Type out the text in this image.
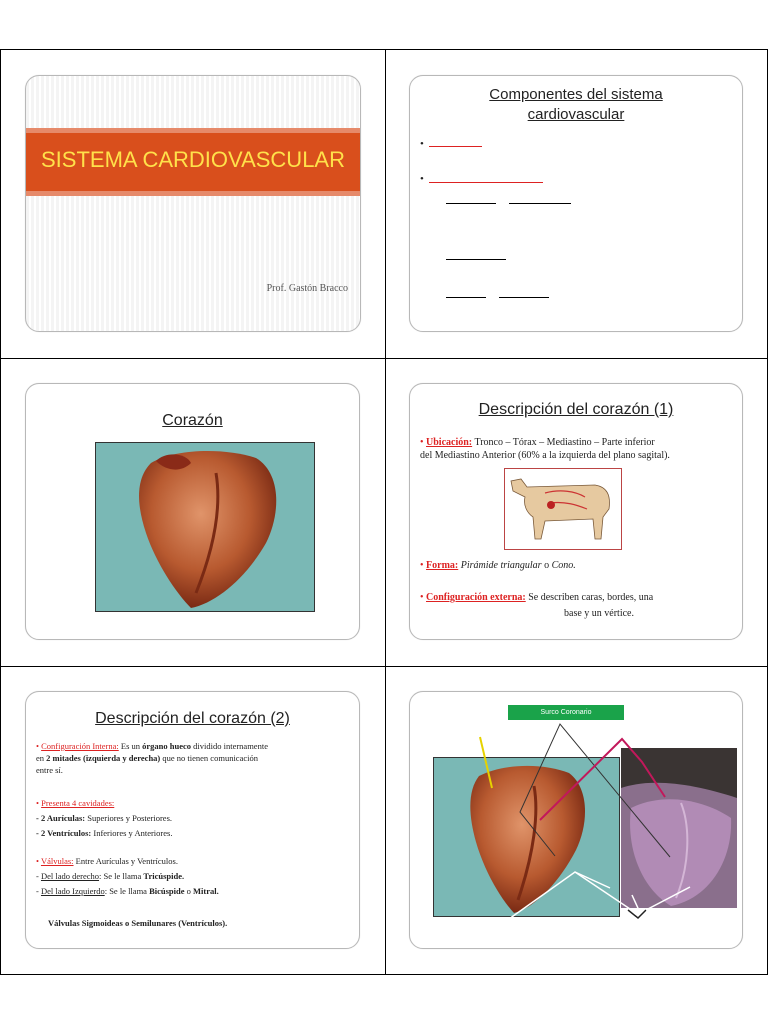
SISTEMA CARDIOVASCULAR
Prof. Gastón Bracco
Componentes del sistema cardiovascular
•
•
Corazón
Descripción del corazón (1)
• Ubicación: Tronco – Tórax – Mediastino – Parte inferior
del Mediastino Anterior (60% a la izquierda del plano sagital).
• Forma: Pirámide triangular o Cono.
• Configuración externa: Se describen caras, bordes, una
base y un vértice.
Descripción del corazón (2)
• Configuración Interna: Es un órgano hueco dividido internamente
en 2 mitades (izquierda y derecha) que no tienen comunicación
entre sí.
• Presenta 4 cavidades:
- 2 Aurículas: Superiores y Posteriores.
- 2 Ventrículos: Inferiores y Anteriores.
• Válvulas: Entre Aurículas y Ventrículos.
- Del lado derecho: Se le llama Tricúspide.
- Del lado Izquierdo: Se le llama Bicúspide o Mitral.
Válvulas Sigmoideas o Semilunares (Ventrículos).
Surco Coronario
